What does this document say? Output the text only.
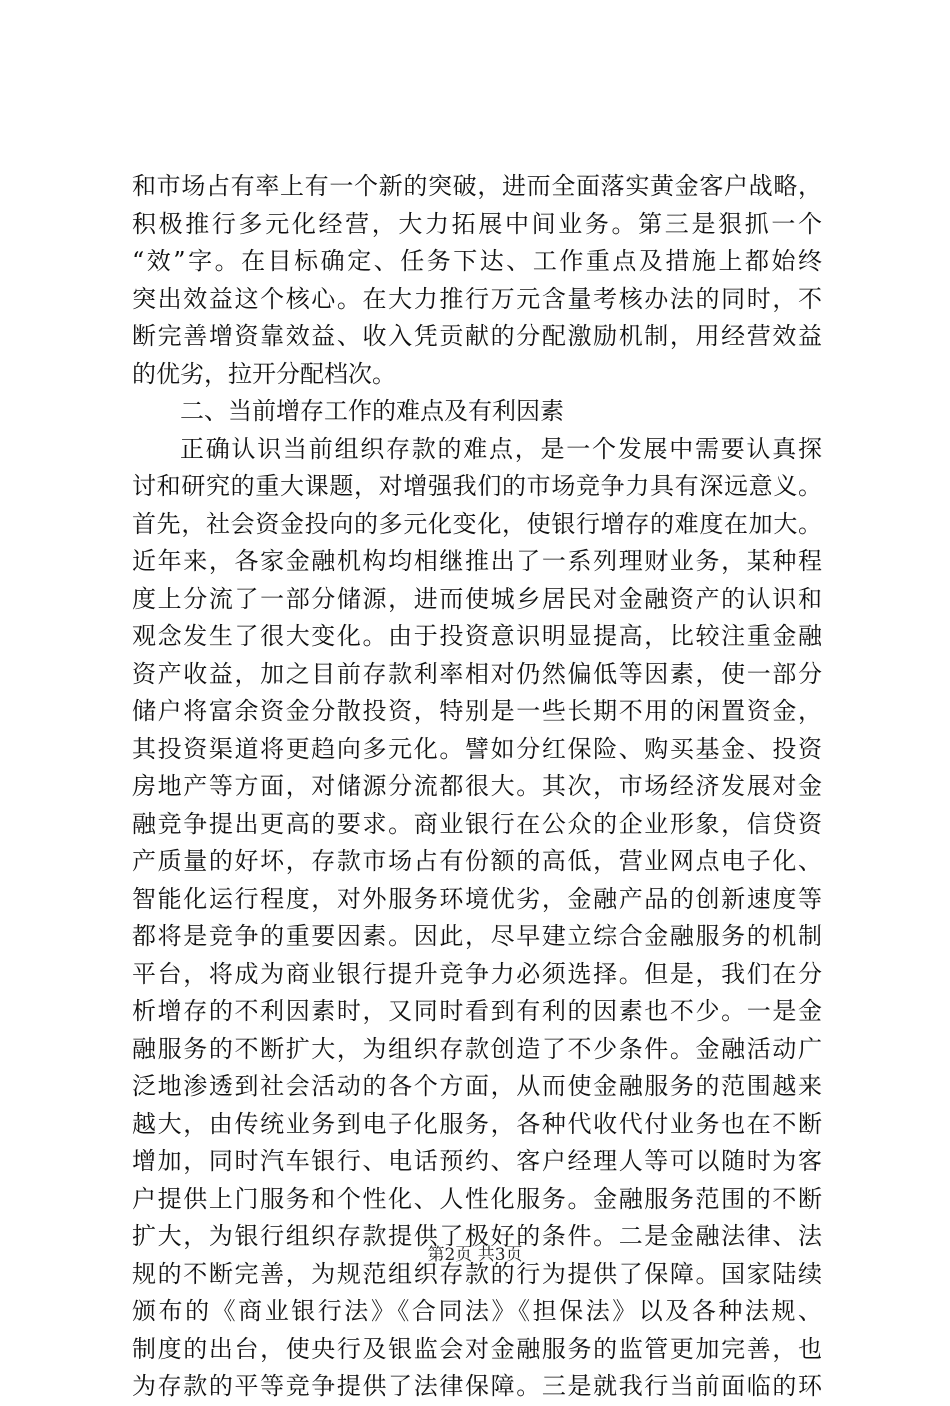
和市场占有率上有一个新的突破，进而全面落实黄金客户战略，
积极推行多元化经营，大力拓展中间业务。第三是狠抓一个
“效”字。在目标确定、任务下达、工作重点及措施上都始终
突出效益这个核心。在大力推行万元含量考核办法的同时，不
断完善增资靠效益、收入凭贡献的分配激励机制，用经营效益
的优劣，拉开分配档次。
二、当前增存工作的难点及有利因素
正确认识当前组织存款的难点，是一个发展中需要认真探
讨和研究的重大课题，对增强我们的市场竞争力具有深远意义。
首先，社会资金投向的多元化变化，使银行增存的难度在加大。
近年来，各家金融机构均相继推出了一系列理财业务，某种程
度上分流了一部分储源，进而使城乡居民对金融资产的认识和
观念发生了很大变化。由于投资意识明显提高，比较注重金融
资产收益，加之目前存款利率相对仍然偏低等因素，使一部分
储户将富余资金分散投资，特别是一些长期不用的闲置资金，
其投资渠道将更趋向多元化。譬如分红保险、购买基金、投资
房地产等方面，对储源分流都很大。其次，市场经济发展对金
融竞争提出更高的要求。商业银行在公众的企业形象，信贷资
产质量的好坏，存款市场占有份额的高低，营业网点电子化、
智能化运行程度，对外服务环境优劣，金融产品的创新速度等
都将是竞争的重要因素。因此，尽早建立综合金融服务的机制
平台，将成为商业银行提升竞争力必须选择。但是，我们在分
析增存的不利因素时，又同时看到有利的因素也不少。一是金
融服务的不断扩大，为组织存款创造了不少条件。金融活动广
泛地渗透到社会活动的各个方面，从而使金融服务的范围越来
越大，由传统业务到电子化服务，各种代收代付业务也在不断
增加，同时汽车银行、电话预约、客户经理人等可以随时为客
户提供上门服务和个性化、人性化服务。金融服务范围的不断
扩大，为银行组织存款提供了极好的条件。二是金融法律、法
规的不断完善，为规范组织存款的行为提供了保障。国家陆续
颁布的《商业银行法》《合同法》《担保法》以及各种法规、
制度的出台，使央行及银监会对金融服务的监管更加完善，也
为存款的平等竞争提供了法律保障。三是就我行当前面临的环
第2页 共3页
